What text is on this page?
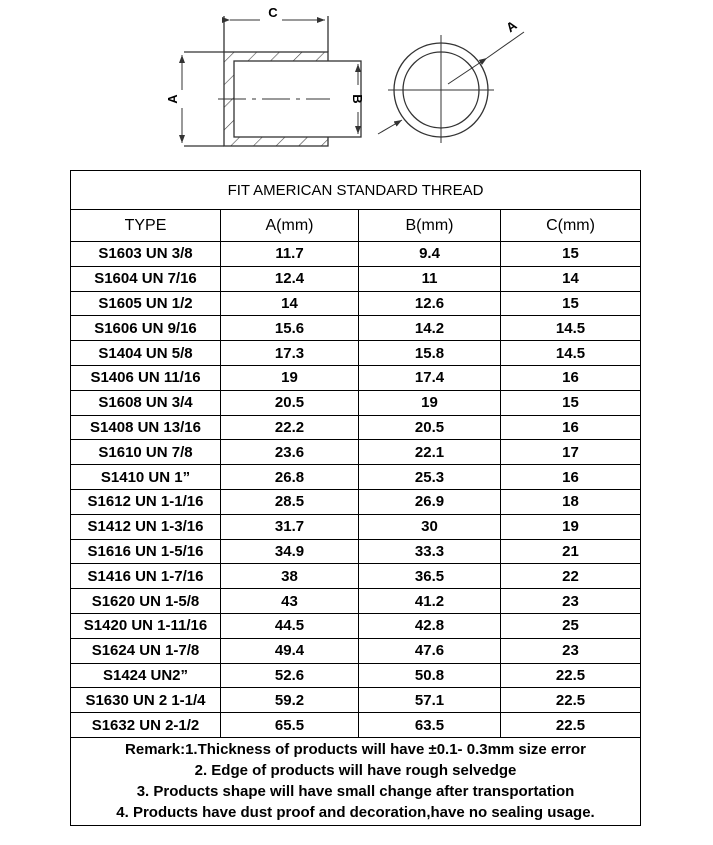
C
A	B
A
FIT AMERICAN STANDARD THREAD			
TYPE	A(mm)	B(mm)	C(mm)
S1603 UN 3/8	11.7	9.4	15
S1604 UN 7/16	12.4	11	14
S1605 UN 1/2	14	12.6	15
S1606 UN 9/16	15.6	14.2	14.5
S1404 UN 5/8	17.3	15.8	14.5
S1406 UN 11/16	19	17.4	16
S1608 UN 3/4	20.5	19	15
S1408 UN 13/16	22.2	20.5	16
S1610 UN 7/8	23.6	22.1	17
S1410 UN 1”	26.8	25.3	16
S1612 UN 1-1/16	28.5	26.9	18
S1412 UN 1-3/16	31.7	30	19
S1616 UN 1-5/16	34.9	33.3	21
S1416 UN 1-7/16	38	36.5	22
S1620 UN 1-5/8	43	41.2	23
S1420 UN 1-11/16	44.5	42.8	25
S1624 UN 1-7/8	49.4	47.6	23
S1424 UN2”	52.6	50.8	22.5
S1630 UN 2 1-1/4	59.2	57.1	22.5
S1632 UN 2-1/2	65.5	63.5	22.5

Remark:1.Thickness of products will have ±0.1- 0.3mm size error
2. Edge of products will have rough selvedge
3. Products shape will have small change after transportation
4. Products have dust proof and decoration,have no sealing usage.			
